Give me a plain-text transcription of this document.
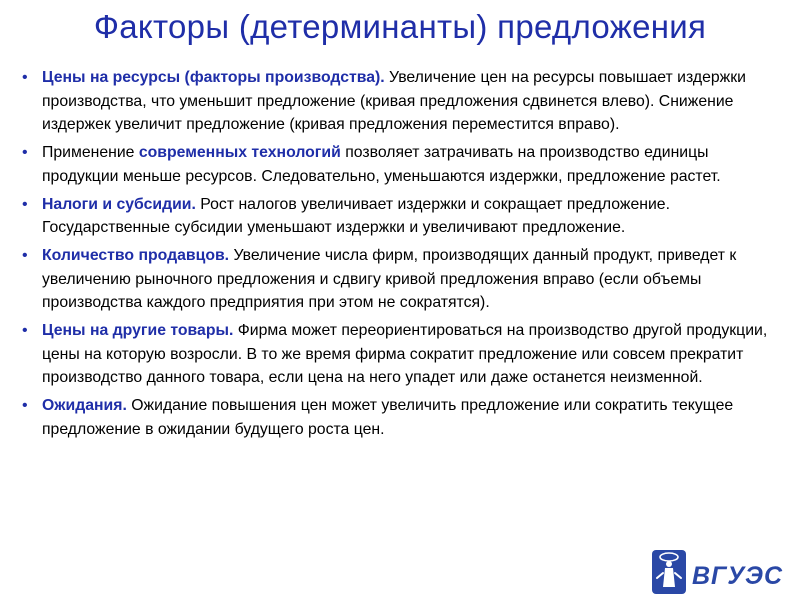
Факторы (детерминанты) предложения
• Цены на ресурсы (факторы производства). Увеличение цен на ресурсы повышает издержки производства, что уменьшит предложение (кривая предложения сдвинется влево). Снижение издержек увеличит предложение (кривая предложения переместится вправо).
• Применение современных технологий позволяет затрачивать на производство единицы продукции меньше ресурсов. Следовательно, уменьшаются издержки, предложение растет.
• Налоги и субсидии. Рост налогов увеличивает издержки и сокращает предложение. Государственные субсидии уменьшают издержки и увеличивают предложение.
• Количество продавцов. Увеличение числа фирм, производящих данный продукт, приведет к увеличению рыночного предложения и сдвигу кривой предложения вправо (если объемы производства каждого предприятия при этом не сократятся).
• Цены на другие товары. Фирма может переориентироваться на производство другой продукции, цены на которую возросли. В то же время фирма сократит предложение или совсем прекратит производство данного товара, если цена на него упадет или даже останется неизменной.
• Ожидания. Ожидание повышения цен может увеличить предложение или сократить текущее предложение в ожидании будущего роста цен.
ВГУЭС
